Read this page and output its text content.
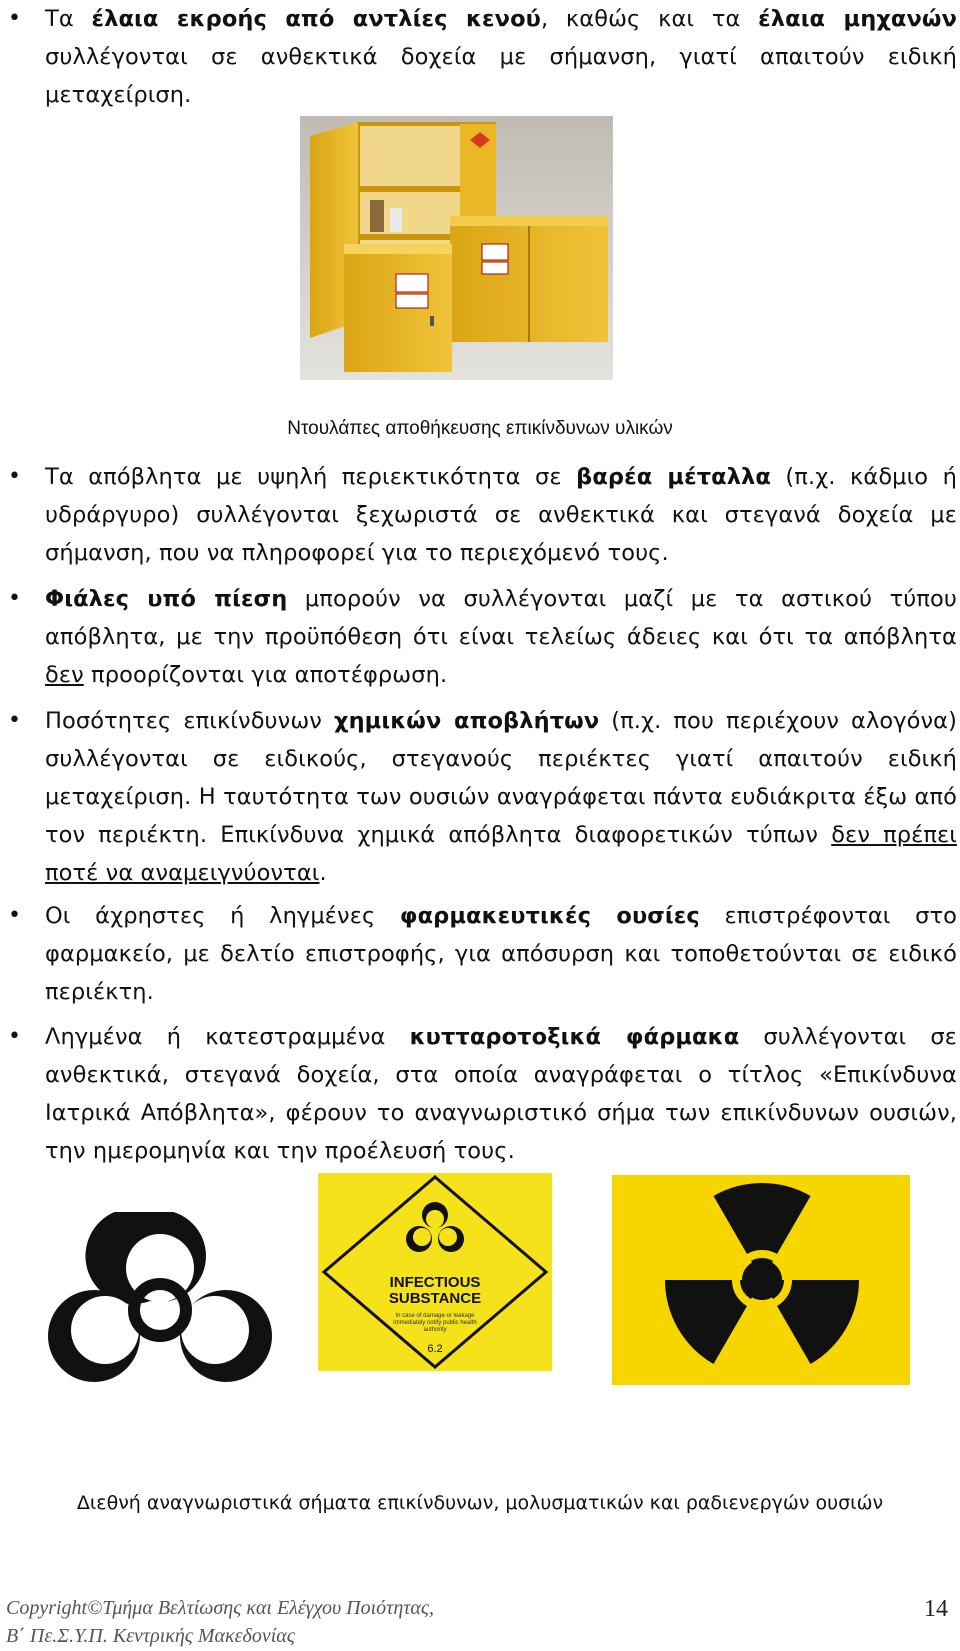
• Τα έλαια εκροής από αντλίες κενού, καθώς και τα έλαια μηχανών συλλέγονται σε ανθεκτικά δοχεία με σήμανση, γιατί απαιτούν ειδική μεταχείριση.
Ντουλάπες αποθήκευσης επικίνδυνων υλικών
• Τα απόβλητα με υψηλή περιεκτικότητα σε βαρέα μέταλλα (π.χ. κάδμιο ή υδράργυρο) συλλέγονται ξεχωριστά σε ανθεκτικά και στεγανά δοχεία με σήμανση, που να πληροφορεί για το περιεχόμενό τους.
• Φιάλες υπό πίεση μπορούν να συλλέγονται μαζί με τα αστικού τύπου απόβλητα, με την προϋπόθεση ότι είναι τελείως άδειες και ότι τα απόβλητα δεν προορίζονται για αποτέφρωση.
• Ποσότητες επικίνδυνων χημικών αποβλήτων (π.χ. που περιέχουν αλογόνα) συλλέγονται σε ειδικούς, στεγανούς περιέκτες γιατί απαιτούν ειδική μεταχείριση. Η ταυτότητα των ουσιών αναγράφεται πάντα ευδιάκριτα έξω από τον περιέκτη. Επικίνδυνα χημικά απόβλητα διαφορετικών τύπων δεν πρέπει ποτέ να αναμειγνύονται.
• Οι άχρηστες ή ληγμένες φαρμακευτικές ουσίες επιστρέφονται στο φαρμακείο, με δελτίο επιστροφής, για απόσυρση και τοποθετούνται σε ειδικό περιέκτη.
• Ληγμένα ή κατεστραμμένα κυτταροτοξικά φάρμακα συλλέγονται σε ανθεκτικά, στεγανά δοχεία, στα οποία αναγράφεται ο τίτλος «Επικίνδυνα Ιατρικά Απόβλητα», φέρουν το αναγνωριστικό σήμα των επικίνδυνων ουσιών, την ημερομηνία και την προέλευσή τους.
INFECTIOUS
SUBSTANCE
In case of damage or leakage immediately notify public health authority
6.2
Διεθνή αναγνωριστικά σήματα επικίνδυνων, μολυσματικών και ραδιενεργών ουσιών
Copyright©Τμήμα Βελτίωσης και Ελέγχου Ποιότητας,
Β΄ Πε.Σ.Υ.Π. Κεντρικής Μακεδονίας
14
